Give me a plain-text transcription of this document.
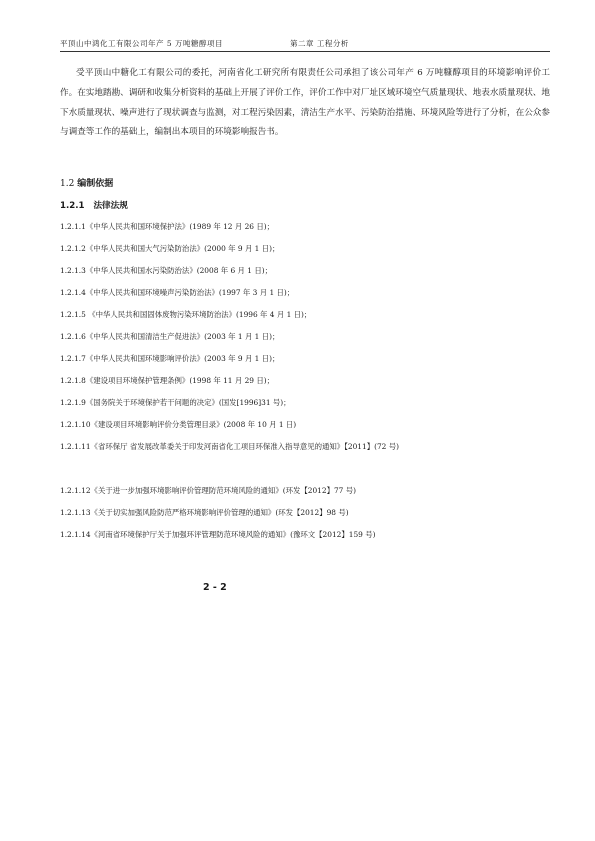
平顶山中鸿化工有限公司年产 5 万吨糖醇项目	第二章 工程分析
受平顶山中糖化工有限公司的委托，河南省化工研究所有限责任公司承担了该公司年产 6 万吨糠醇项目的环境影响评价工作。在实地踏勘、调研和收集分析资料的基础上开展了评价工作，评价工作中对厂址区域环境空气质量现状、地表水质量现状、地下水质量现状、噪声进行了现状调查与监测，对工程污染因素，清洁生产水平、污染防治措施、环境风险等进行了分析，在公众参与调查等工作的基础上，编制出本项目的环境影响报告书。
1.2 编制依据
1.2.1 法律法规
1.2.1.1《中华人民共和国环境保护法》(1989 年 12 月 26 日)；
1.2.1.2《中华人民共和国大气污染防治法》(2000 年 9 月 1 日)；
1.2.1.3《中华人民共和国水污染防治法》(2008 年 6 月 1 日)；
1.2.1.4《中华人民共和国环境噪声污染防治法》(1997 年 3 月 1 日)；
1.2.1.5 《中华人民共和国固体废物污染环境防治法》(1996 年 4 月 1 日)；
1.2.1.6《中华人民共和国清洁生产促进法》(2003 年 1 月 1 日)；
1.2.1.7《中华人民共和国环境影响评价法》(2003 年 9 月 1 日)；
1.2.1.8《建设项目环境保护管理条例》(1998 年 11 月 29 日)；
1.2.1.9《国务院关于环境保护若干问题的决定》(国发[1996]31 号)；
1.2.1.10《建设项目环境影响评价分类管理目录》(2008 年 10 月 1 日)
1.2.1.11《省环保厅 省发展改革委关于印发河南省化工项目环保准入指导意见的通知》【2011】(72 号)
1.2.1.12《关于进一步加强环境影响评价管理防范环境风险的通知》(环发【2012】77 号)
1.2.1.13《关于切实加强风险防范严格环境影响评价管理的通知》(环发【2012】98 号)
1.2.1.14《河南省环境保护厅关于加强环评管理防范环境风险的通知》(豫环文【2012】159 号)
2 - 2
